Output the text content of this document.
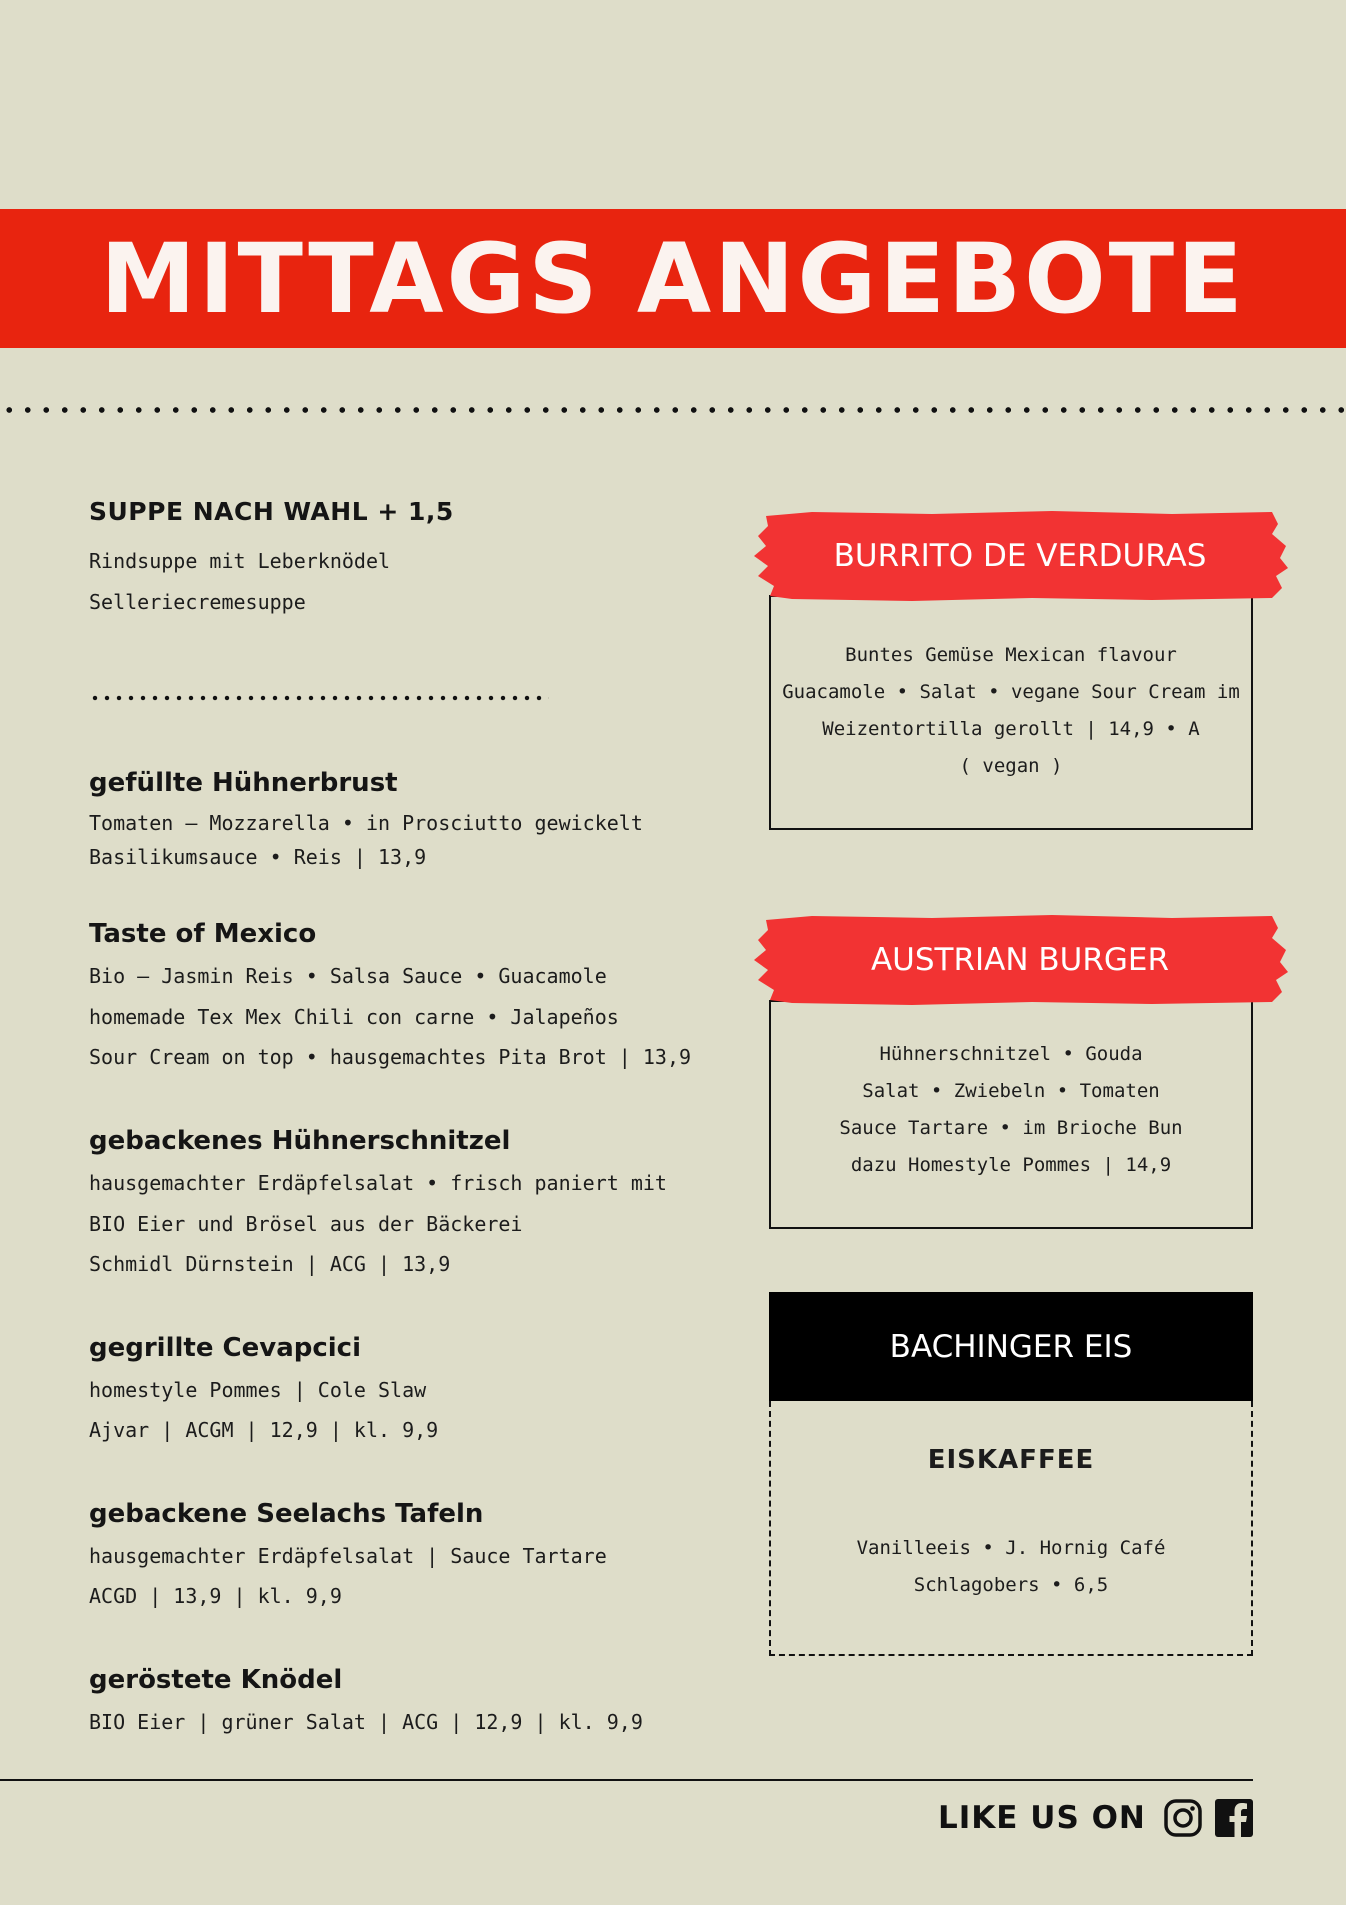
MITTAGS ANGEBOTE
SUPPE NACH WAHL + 1,5
Rindsuppe mit Leberknödel
Selleriecremesuppe
gefüllte Hühnerbrust
Tomaten – Mozzarella • in Prosciutto gewickelt
Basilikumsauce • Reis | 13,9
Taste of Mexico
Bio – Jasmin Reis • Salsa Sauce • Guacamole
homemade Tex Mex Chili con carne • Jalapeños
Sour Cream on top • hausgemachtes Pita Brot | 13,9
gebackenes Hühnerschnitzel
hausgemachter Erdäpfelsalat • frisch paniert mit
BIO Eier und Brösel aus der Bäckerei
Schmidl Dürnstein | ACG | 13,9
gegrillte Cevapcici
homestyle Pommes | Cole Slaw
Ajvar | ACGM | 12,9 | kl. 9,9
gebackene Seelachs Tafeln
hausgemachter Erdäpfelsalat | Sauce Tartare
ACGD | 13,9 | kl. 9,9
geröstete Knödel
BIO Eier | grüner Salat | ACG | 12,9 | kl. 9,9
Buntes Gemüse Mexican flavour
Guacamole • Salat • vegane Sour Cream im
Weizentortilla gerollt | 14,9 • A
( vegan )
BURRITO DE VERDURAS
Hühnerschnitzel • Gouda
Salat • Zwiebeln • Tomaten
Sauce Tartare • im Brioche Bun
dazu Homestyle Pommes | 14,9
AUSTRIAN BURGER
BACHINGER EIS
EISKAFFEE
Vanilleeis • J. Hornig Café
Schlagobers • 6,5
LIKE US ON
